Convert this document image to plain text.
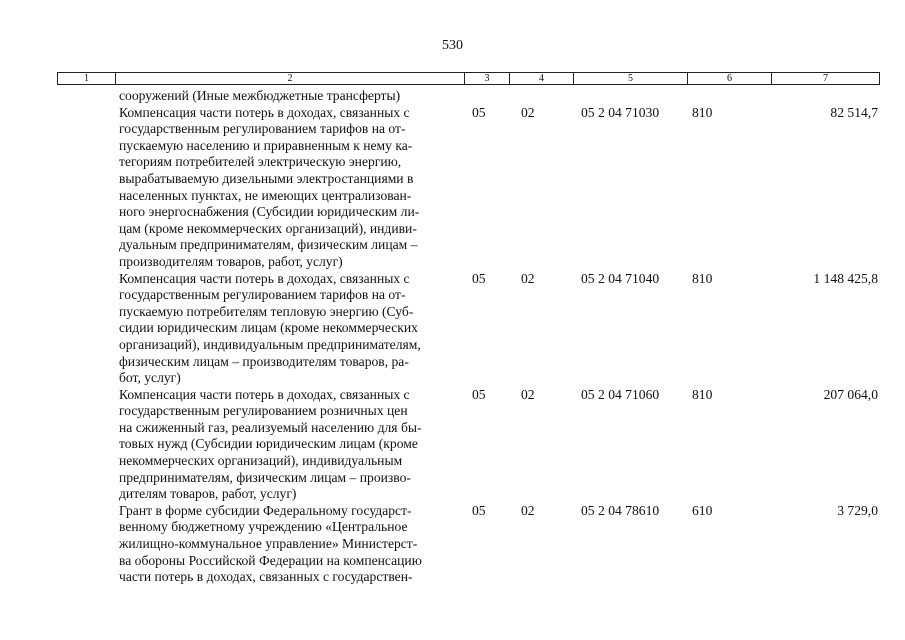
530
1	2	3	4	5	6	7
сооружений (Иные межбюджетные трансферты)
Компенсация части потерь в доходах, связанных с
государственным регулированием тарифов на от-
пускаемую населению и приравненным к нему ка-
тегориям потребителей электрическую энергию,
вырабатываемую дизельными электростанциями в
населенных пунктах, не имеющих централизован-
ного энергоснабжения (Субсидии юридическим ли-
цам (кроме некоммерческих организаций), индиви-
дуальным предпринимателям, физическим лицам –
производителям товаров, работ, услуг)
05	02	05 2 04 71030 810	82 514,7
Компенсация части потерь в доходах, связанных с
государственным регулированием тарифов на от-
пускаемую потребителям тепловую энергию (Суб-
сидии юридическим лицам (кроме некоммерческих
организаций), индивидуальным предпринимателям,
физическим лицам – производителям товаров, ра-
бот, услуг)
05	02	05 2 04 71040 810	1 148 425,8
Компенсация части потерь в доходах, связанных с
государственным регулированием розничных цен
на сжиженный газ, реализуемый населению для бы-
товых нужд (Субсидии юридическим лицам (кроме
некоммерческих организаций), индивидуальным
предпринимателям, физическим лицам – произво-
дителям товаров, работ, услуг)
05	02	05 2 04 71060 810	207 064,0
Грант в форме субсидии Федеральному государст-
венному бюджетному учреждению «Центральное
жилищно-коммунальное управление» Министерст-
ва обороны Российской Федерации на компенсацию
части потерь в доходах, связанных с государствен-
05	02	05 2 04 78610 610	3 729,0
